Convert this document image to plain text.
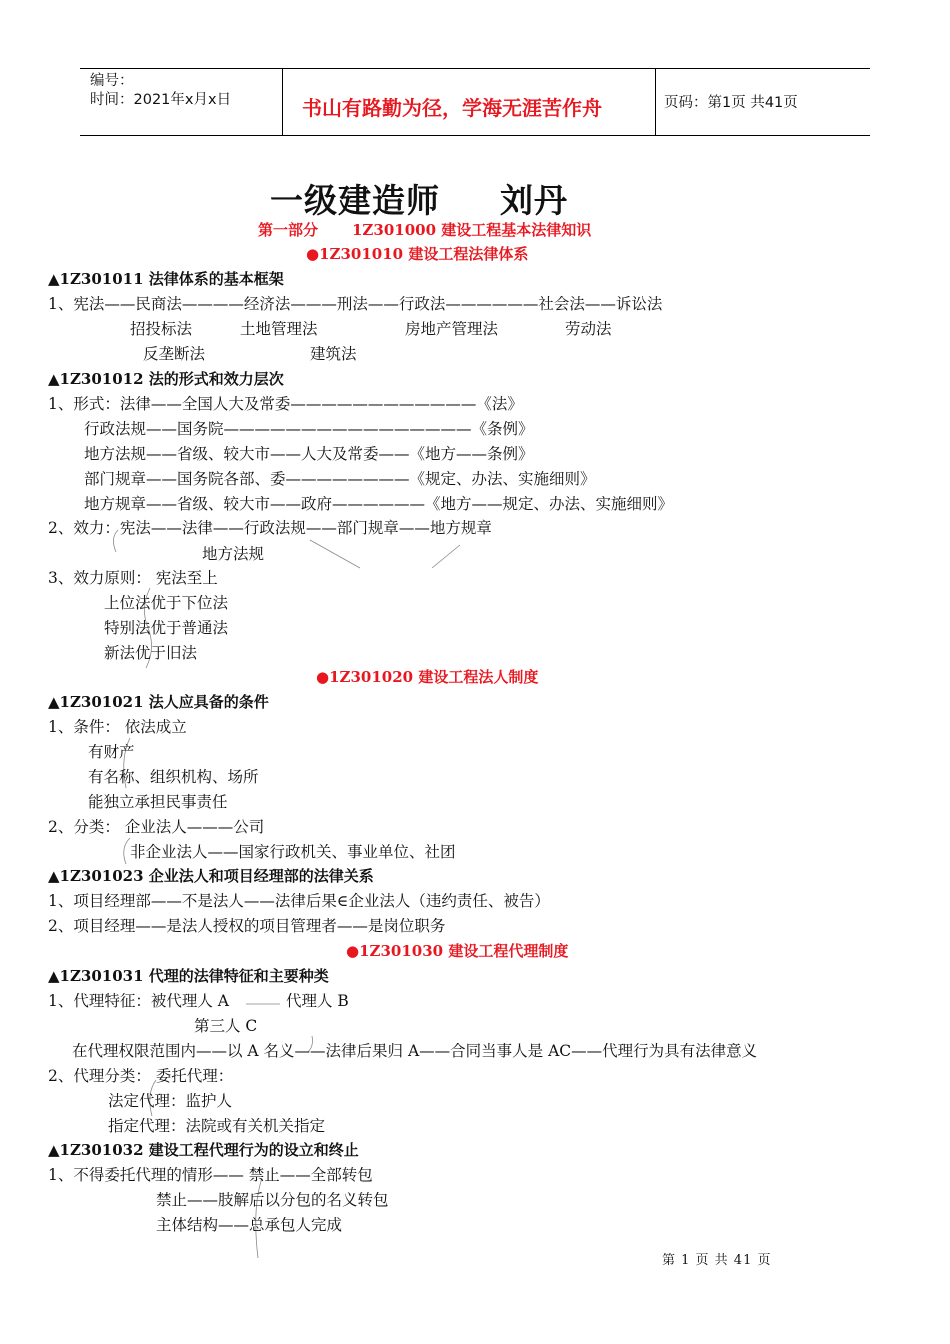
编号：
时间：2021年x月x日	书山有路勤为径，学海无涯苦作舟	页码：第1页 共41页
一级建造师 刘丹
第一部分 1Z301000 建设工程基本法律知识
●1Z301010 建设工程法律体系
▲1Z301011 法律体系的基本框架
1、宪法——民商法————经济法———刑法——行政法——————社会法——诉讼法
招投标法	土地管理法	房地产管理法	劳动法
反垄断法	建筑法
▲1Z301012 法的形式和效力层次
1、形式：法律——全国人大及常委————————————《法》
行政法规——国务院————————————————《条例》
地方法规——省级、较大市——人大及常委——《地方——条例》
部门规章——国务院各部、委————————《规定、办法、实施细则》
地方规章——省级、较大市——政府——————《地方——规定、办法、实施细则》
2、效力：宪法——法律——行政法规——部门规章——地方规章
地方法规
3、效力原则： 宪法至上
上位法优于下位法
特别法优于普通法
新法优于旧法
●1Z301020 建设工程法人制度
▲1Z301021 法人应具备的条件
1、条件： 依法成立
有财产
有名称、组织机构、场所
能独立承担民事责任
2、分类： 企业法人———公司
非企业法人——国家行政机关、事业单位、社团
▲1Z301023 企业法人和项目经理部的法律关系
1、项目经理部——不是法人——法律后果∈企业法人（违约责任、被告）
2、项目经理——是法人授权的项目管理者——是岗位职务
●1Z301030 建设工程代理制度
▲1Z301031 代理的法律特征和主要种类
1、代理特征：被代理人 A	代理人 B
第三人 C
在代理权限范围内——以 A 名义——法律后果归 A——合同当事人是 AC——代理行为具有法律意义
2、代理分类： 委托代理：
法定代理：监护人
指定代理：法院或有关机关指定
▲1Z301032 建设工程代理行为的设立和终止
1、不得委托代理的情形—— 禁止——全部转包
禁止——肢解后以分包的名义转包
主体结构——总承包人完成
第 1 页 共 41 页
